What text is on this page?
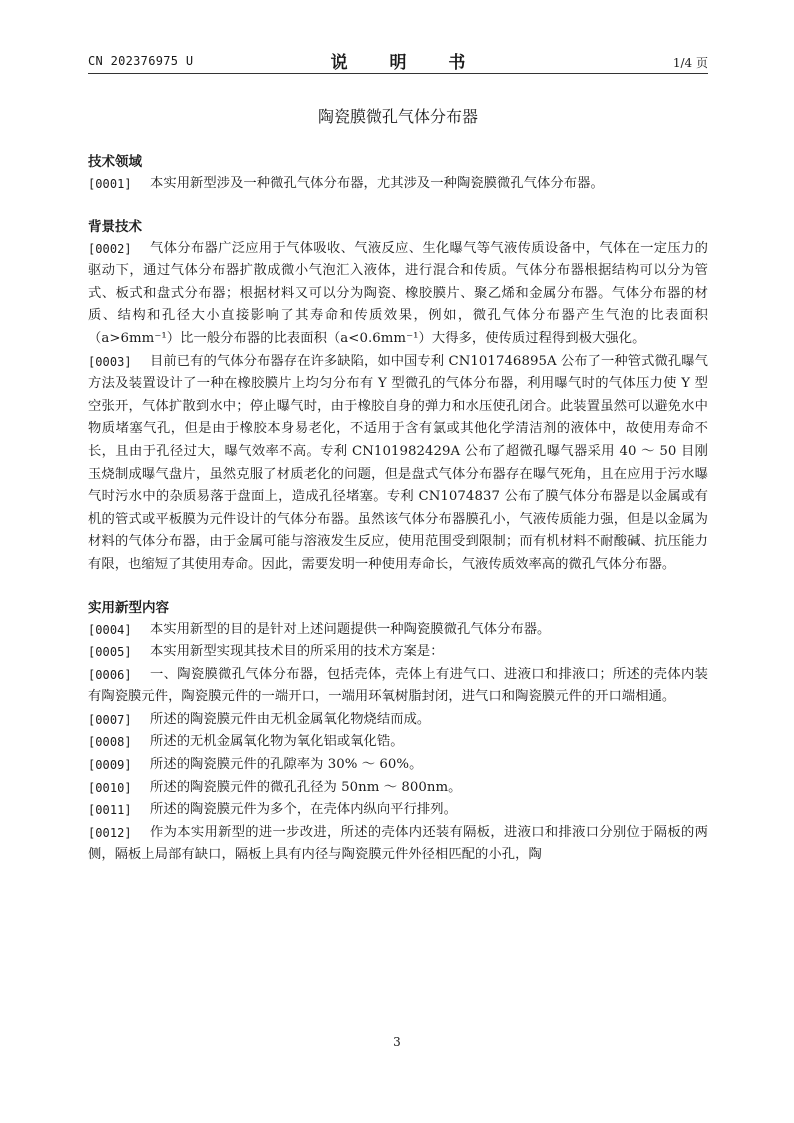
CN 202376975 U	说 明 书	1/4 页
陶瓷膜微孔气体分布器
技术领域
[0001] 本实用新型涉及一种微孔气体分布器，尤其涉及一种陶瓷膜微孔气体分布器。
背景技术
[0002] 气体分布器广泛应用于气体吸收、气液反应、生化曝气等气液传质设备中，气体在一定压力的驱动下，通过气体分布器扩散成微小气泡汇入液体，进行混合和传质。气体分布器根据结构可以分为管式、板式和盘式分布器；根据材料又可以分为陶瓷、橡胶膜片、聚乙烯和金属分布器。气体分布器的材质、结构和孔径大小直接影响了其寿命和传质效果，例如，微孔气体分布器产生气泡的比表面积（a>6mm⁻¹）比一般分布器的比表面积（a<0.6mm⁻¹）大得多，使传质过程得到极大强化。
[0003] 目前已有的气体分布器存在许多缺陷，如中国专利 CN101746895A 公布了一种管式微孔曝气方法及装置设计了一种在橡胶膜片上均匀分布有 Y 型微孔的气体分布器，利用曝气时的气体压力使 Y 型空张开，气体扩散到水中；停止曝气时，由于橡胶自身的弹力和水压使孔闭合。此装置虽然可以避免水中物质堵塞气孔，但是由于橡胶本身易老化，不适用于含有氯或其他化学清洁剂的液体中，故使用寿命不长，且由于孔径过大，曝气效率不高。专利 CN101982429A 公布了超微孔曝气器采用 40 ～ 50 目刚玉烧制成曝气盘片，虽然克服了材质老化的问题，但是盘式气体分布器存在曝气死角，且在应用于污水曝气时污水中的杂质易落于盘面上，造成孔径堵塞。专利 CN1074837 公布了膜气体分布器是以金属或有机的管式或平板膜为元件设计的气体分布器。虽然该气体分布器膜孔小，气液传质能力强，但是以金属为材料的气体分布器，由于金属可能与溶液发生反应，使用范围受到限制；而有机材料不耐酸碱、抗压能力有限，也缩短了其使用寿命。因此，需要发明一种使用寿命长，气液传质效率高的微孔气体分布器。
实用新型内容
[0004] 本实用新型的目的是针对上述问题提供一种陶瓷膜微孔气体分布器。
[0005] 本实用新型实现其技术目的所采用的技术方案是：
[0006] 一、陶瓷膜微孔气体分布器，包括壳体，壳体上有进气口、进液口和排液口；所述的壳体内装有陶瓷膜元件，陶瓷膜元件的一端开口，一端用环氧树脂封闭，进气口和陶瓷膜元件的开口端相通。
[0007] 所述的陶瓷膜元件由无机金属氧化物烧结而成。
[0008] 所述的无机金属氧化物为氧化铝或氧化锆。
[0009] 所述的陶瓷膜元件的孔隙率为 30% ～ 60%。
[0010] 所述的陶瓷膜元件的微孔孔径为 50nm ～ 800nm。
[0011] 所述的陶瓷膜元件为多个，在壳体内纵向平行排列。
[0012] 作为本实用新型的进一步改进，所述的壳体内还装有隔板，进液口和排液口分别位于隔板的两侧，隔板上局部有缺口，隔板上具有内径与陶瓷膜元件外径相匹配的小孔，陶
3
